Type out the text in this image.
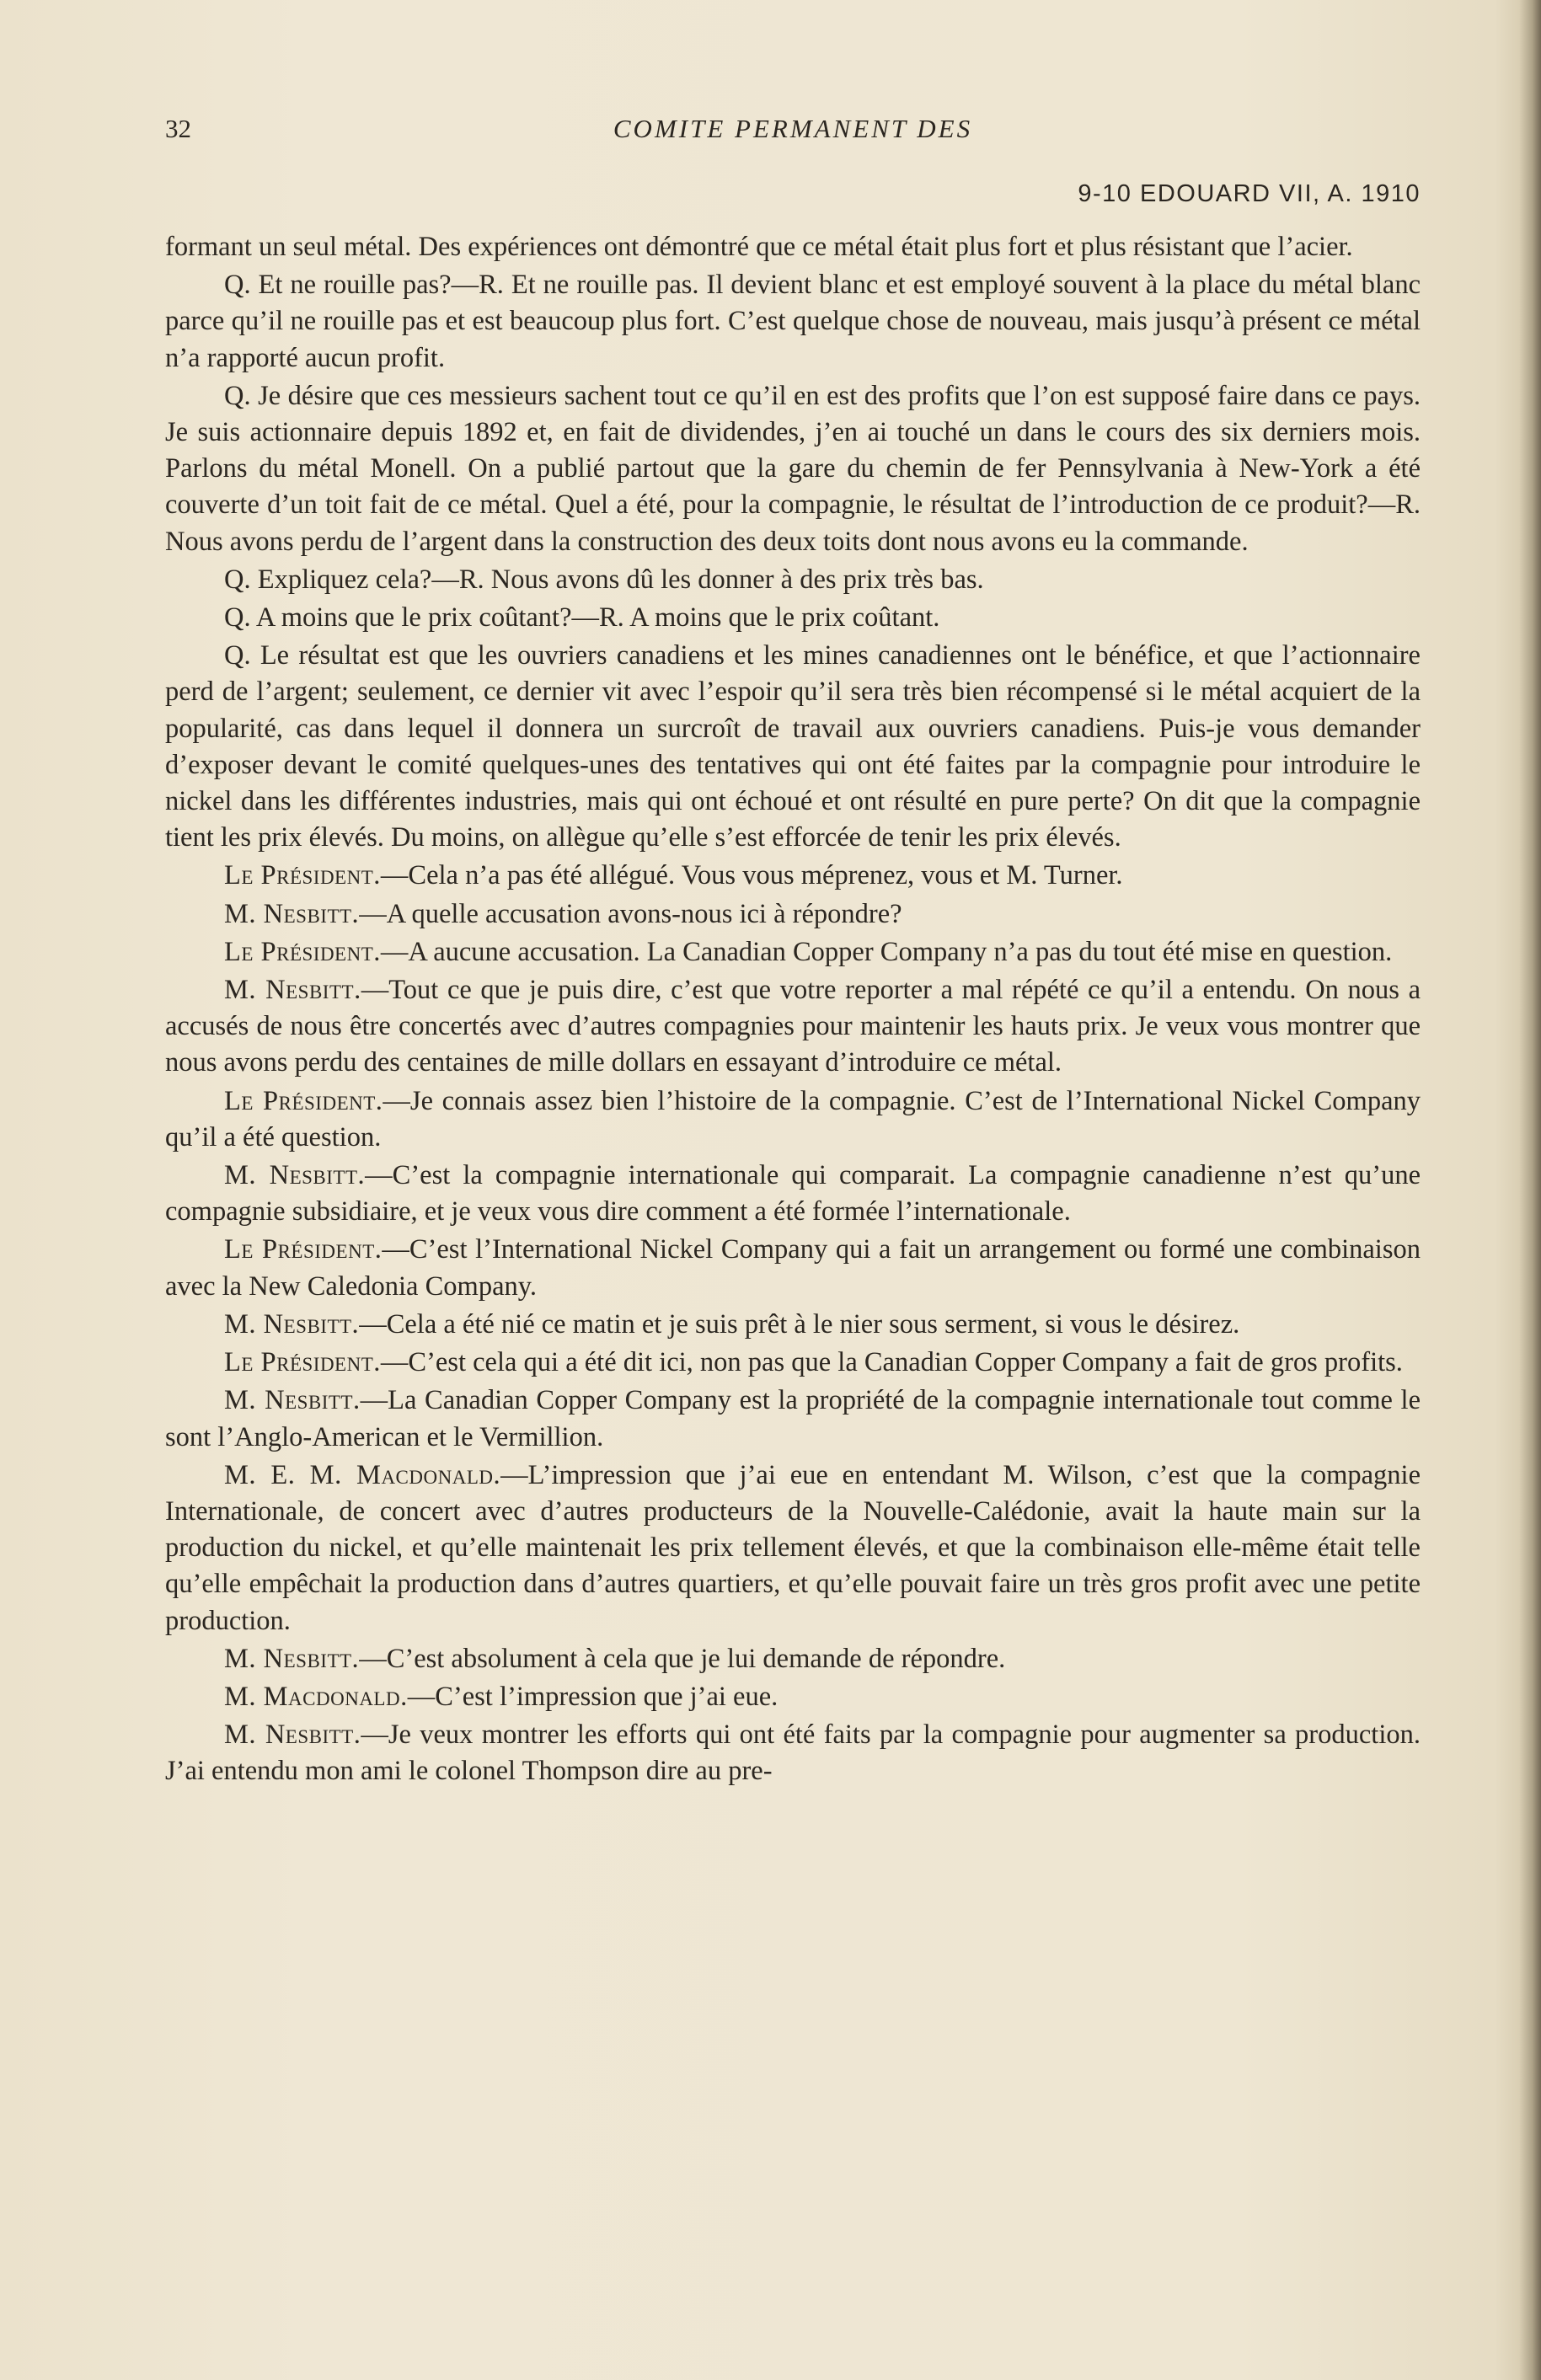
32	COMITE PERMANENT DES
9-10 EDOUARD VII, A. 1910

formant un seul métal. Des expériences ont démontré que ce métal était plus fort et plus résistant que l’acier.

Q. Et ne rouille pas?—R. Et ne rouille pas. Il devient blanc et est employé souvent à la place du métal blanc parce qu’il ne rouille pas et est beaucoup plus fort. C’est quelque chose de nouveau, mais jusqu’à présent ce métal n’a rapporté aucun profit.

Q. Je désire que ces messieurs sachent tout ce qu’il en est des profits que l’on est supposé faire dans ce pays. Je suis actionnaire depuis 1892 et, en fait de dividendes, j’en ai touché un dans le cours des six derniers mois. Parlons du métal Monell. On a publié partout que la gare du chemin de fer Pennsylvania à New-York a été couverte d’un toit fait de ce métal. Quel a été, pour la compagnie, le résultat de l’introduction de ce produit?—R. Nous avons perdu de l’argent dans la construction des deux toits dont nous avons eu la commande.

Q. Expliquez cela?—R. Nous avons dû les donner à des prix très bas.

Q. A moins que le prix coûtant?—R. A moins que le prix coûtant.

Q. Le résultat est que les ouvriers canadiens et les mines canadiennes ont le bénéfice, et que l’actionnaire perd de l’argent; seulement, ce dernier vit avec l’espoir qu’il sera très bien récompensé si le métal acquiert de la popularité, cas dans lequel il donnera un surcroît de travail aux ouvriers canadiens. Puis-je vous demander d’exposer devant le comité quelques-unes des tentatives qui ont été faites par la compagnie pour introduire le nickel dans les différentes industries, mais qui ont échoué et ont résulté en pure perte? On dit que la compagnie tient les prix élevés. Du moins, on allègue qu’elle s’est efforcée de tenir les prix élevés.

Le Président.—Cela n’a pas été allégué. Vous vous méprenez, vous et M. Turner.

M. Nesbitt.—A quelle accusation avons-nous ici à répondre?

Le Président.—A aucune accusation. La Canadian Copper Company n’a pas du tout été mise en question.

M. Nesbitt.—Tout ce que je puis dire, c’est que votre reporter a mal répété ce qu’il a entendu. On nous a accusés de nous être concertés avec d’autres compagnies pour maintenir les hauts prix. Je veux vous montrer que nous avons perdu des centaines de mille dollars en essayant d’introduire ce métal.

Le Président.—Je connais assez bien l’histoire de la compagnie. C’est de l’International Nickel Company qu’il a été question.

M. Nesbitt.—C’est la compagnie internationale qui comparait. La compagnie canadienne n’est qu’une compagnie subsidiaire, et je veux vous dire comment a été formée l’internationale.

Le Président.—C’est l’International Nickel Company qui a fait un arrangement ou formé une combinaison avec la New Caledonia Company.

M. Nesbitt.—Cela a été nié ce matin et je suis prêt à le nier sous serment, si vous le désirez.

Le Président.—C’est cela qui a été dit ici, non pas que la Canadian Copper Company a fait de gros profits.

M. Nesbitt.—La Canadian Copper Company est la propriété de la compagnie internationale tout comme le sont l’Anglo-American et le Vermillion.

M. E. M. Macdonald.—L’impression que j’ai eue en entendant M. Wilson, c’est que la compagnie Internationale, de concert avec d’autres producteurs de la Nouvelle-Calédonie, avait la haute main sur la production du nickel, et qu’elle maintenait les prix tellement élevés, et que la combinaison elle-même était telle qu’elle empêchait la production dans d’autres quartiers, et qu’elle pouvait faire un très gros profit avec une petite production.

M. Nesbitt.—C’est absolument à cela que je lui demande de répondre.

M. Macdonald.—C’est l’impression que j’ai eue.

M. Nesbitt.—Je veux montrer les efforts qui ont été faits par la compagnie pour augmenter sa production. J’ai entendu mon ami le colonel Thompson dire au pre-
